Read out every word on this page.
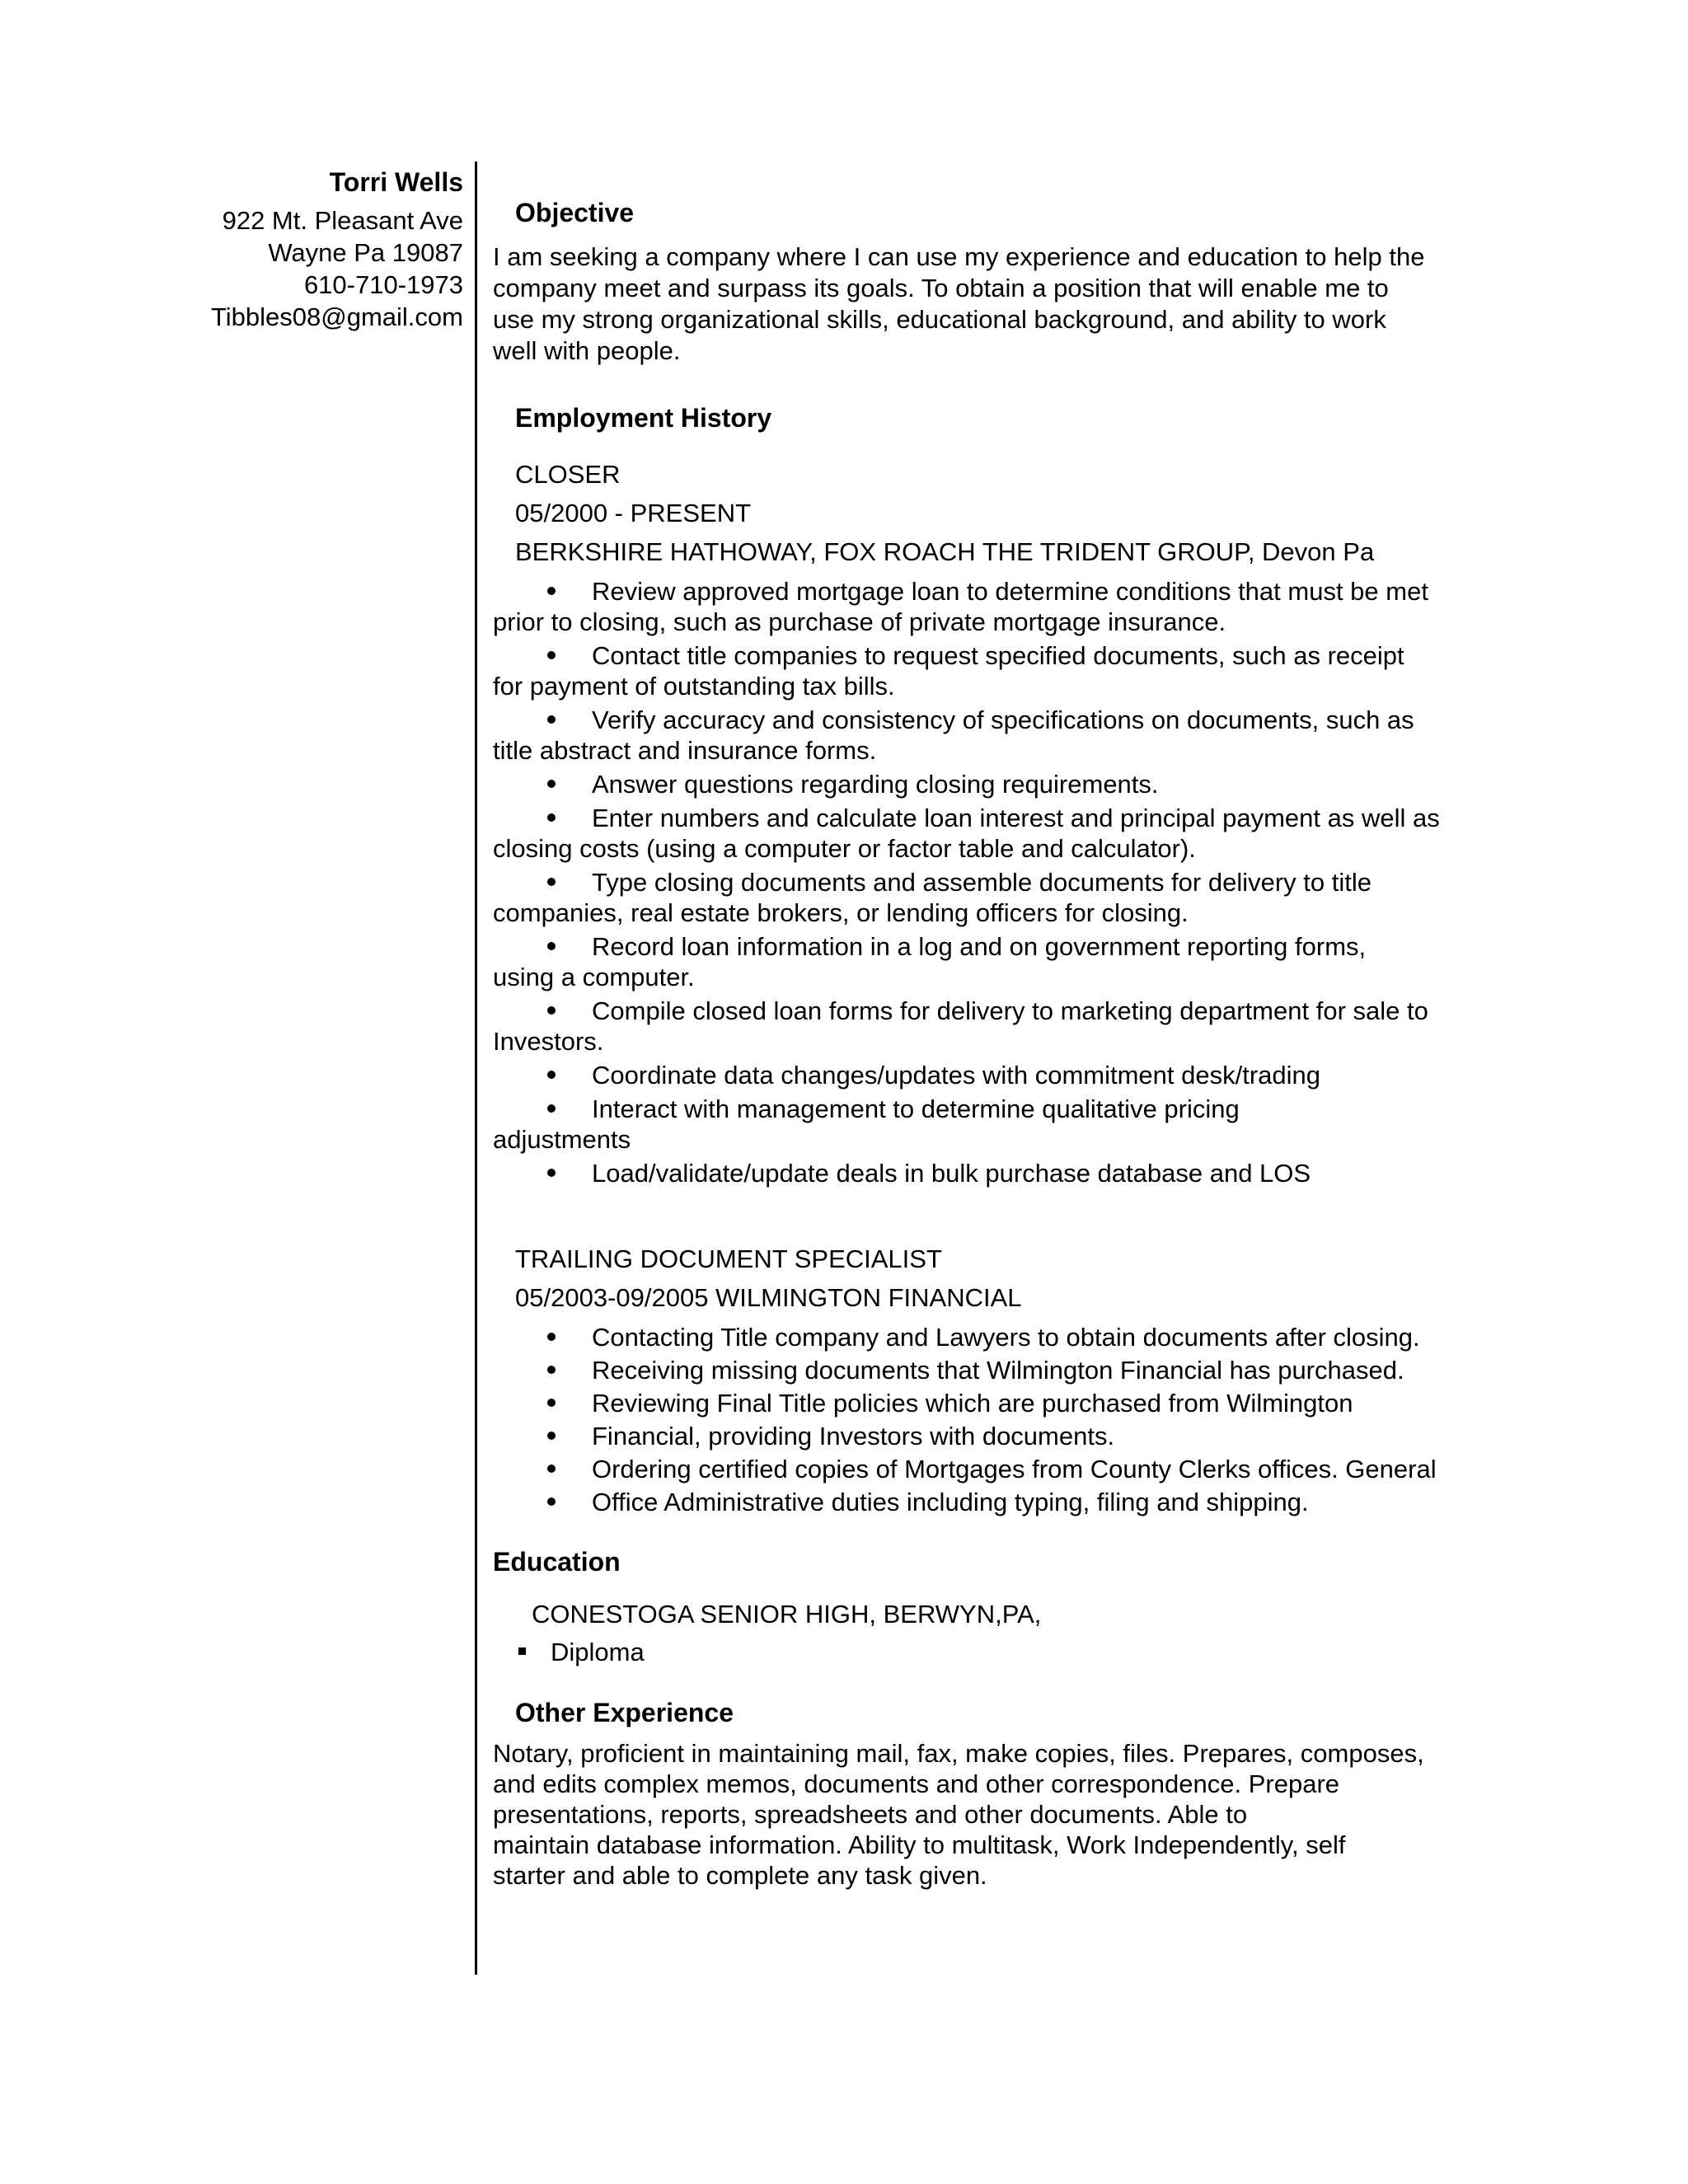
Torri Wells
922 Mt. Pleasant Ave
Wayne Pa 19087
610-710-1973
Tibbles08@gmail.com
Objective

I am seeking a company where I can use my experience and education to help the

company meet and surpass its goals. To obtain a position that will enable me to

use my strong organizational skills, educational background, and ability to work

well with people.

Employment History
CLOSER
05/2000 - PRESENT
BERKSHIRE HATHOWAY, FOX ROACH THE TRIDENT GROUP, Devon Pa
Review approved mortgage loan to determine conditions that must be met
prior to closing, such as purchase of private mortgage insurance.
Contact title companies to request specified documents, such as receipt
for payment of outstanding tax bills.
Verify accuracy and consistency of specifications on documents, such as
title abstract and insurance forms.
Answer questions regarding closing requirements.
Enter numbers and calculate loan interest and principal payment as well as
closing costs (using a computer or factor table and calculator).
Type closing documents and assemble documents for delivery to title
companies, real estate brokers, or lending officers for closing.
Record loan information in a log and on government reporting forms,
using a computer.
Compile closed loan forms for delivery to marketing department for sale to
Investors.
Coordinate data changes/updates with commitment desk/trading
Interact with management to determine qualitative pricing
adjustments
Load/validate/update deals in bulk purchase database and LOS
TRAILING DOCUMENT SPECIALIST
05/2003-09/2005 WILMINGTON FINANCIAL
Contacting Title company and Lawyers to obtain documents after closing.
Receiving missing documents that Wilmington Financial has purchased.
Reviewing Final Title policies which are purchased from Wilmington
Financial, providing Investors with documents.
Ordering certified copies of Mortgages from County Clerks offices. General
Office Administrative duties including typing, filing and shipping.
Education
CONESTOGA SENIOR HIGH, BERWYN,PA,
Diploma
Other Experience

Notary, proficient in maintaining mail, fax, make copies, files. Prepares, composes,

and edits complex memos, documents and other correspondence. Prepare

presentations, reports, spreadsheets and other documents. Able to

maintain database information. Ability to multitask, Work Independently, self

starter and able to complete any task given.
